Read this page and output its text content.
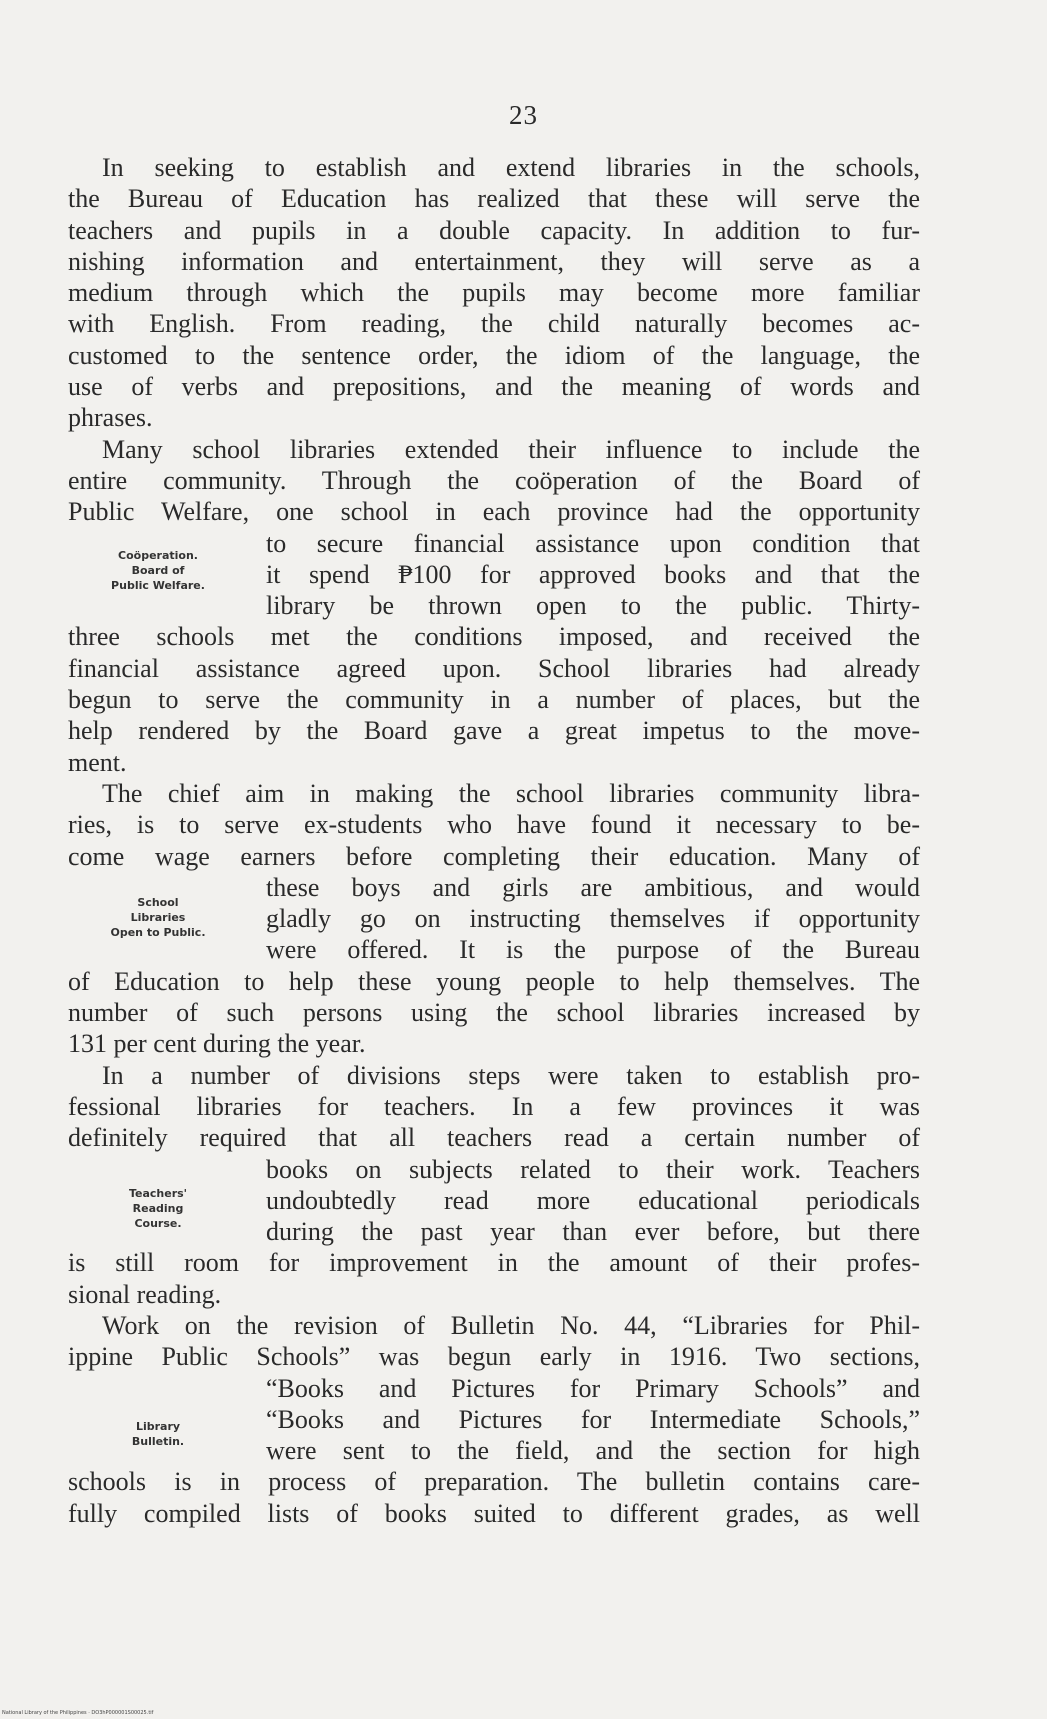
23
In seeking to establish and extend libraries in the schools,
the Bureau of Education has realized that these will serve the
teachers and pupils in a double capacity. In addition to fur-
nishing information and entertainment, they will serve as a
medium through which the pupils may become more familiar
with English. From reading, the child naturally becomes ac-
customed to the sentence order, the idiom of the language, the
use of verbs and prepositions, and the meaning of words and
phrases.
Many school libraries extended their influence to include the
entire community. Through the coöperation of the Board of
Public Welfare, one school in each province had the opportunity
to secure financial assistance upon condition that
it spend ₱100 for approved books and that the
library be thrown open to the public. Thirty-
three schools met the conditions imposed, and received the
financial assistance agreed upon. School libraries had already
begun to serve the community in a number of places, but the
help rendered by the Board gave a great impetus to the move-
ment.
The chief aim in making the school libraries community libra-
ries, is to serve ex-students who have found it necessary to be-
come wage earners before completing their education. Many of
these boys and girls are ambitious, and would
gladly go on instructing themselves if opportunity
were offered. It is the purpose of the Bureau
of Education to help these young people to help themselves. The
number of such persons using the school libraries increased by
131 per cent during the year.
In a number of divisions steps were taken to establish pro-
fessional libraries for teachers. In a few provinces it was
definitely required that all teachers read a certain number of
books on subjects related to their work. Teachers
undoubtedly read more educational periodicals
during the past year than ever before, but there
is still room for improvement in the amount of their profes-
sional reading.
Work on the revision of Bulletin No. 44, “Libraries for Phil-
ippine Public Schools” was begun early in 1916. Two sections,
“Books and Pictures for Primary Schools” and
“Books and Pictures for Intermediate Schools,”
were sent to the field, and the section for high
schools is in process of preparation. The bulletin contains care-
fully compiled lists of books suited to different grades, as well
Coöperation.
Board of
Public Welfare.
School
Libraries
Open to Public.
Teachers'
Reading
Course.
Library
Bulletin.
National Library of the Philippines · DO3hP000001S00025.tif
